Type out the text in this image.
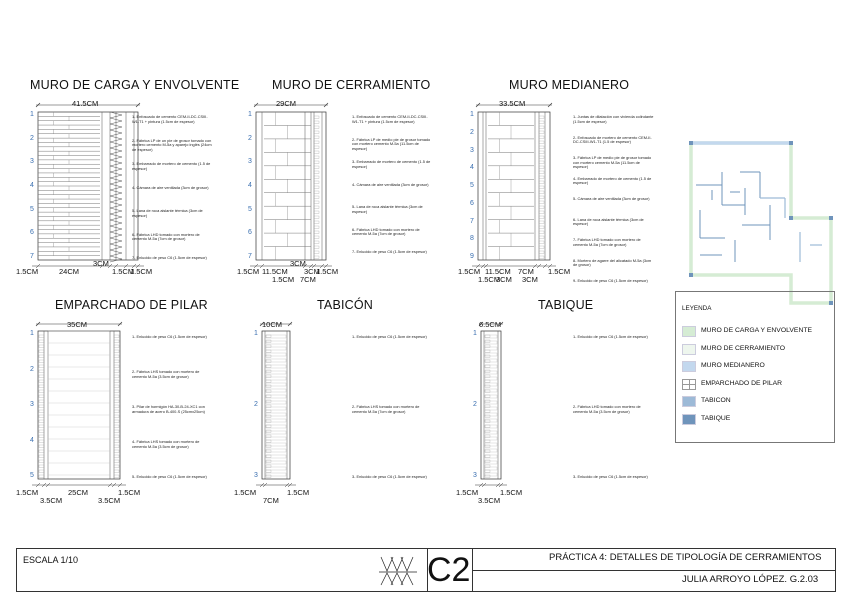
MURO DE CARGA Y ENVOLVENTE	MURO DE CERRAMIENTO	MURO MEDIANERO
EMPARCHADO DE PILAR	TABICÓN	TABIQUE
41.5CM	29CM	33.5CM
35CM	10CM	6.5CM
1.5CM	24CM
3CM
1.5CM
1.5CM	1.5CM 11.5CM
3CM
7CM
1.5CM
1.5CM
3CM	1.5CM 11.5CM
1.5CM
7CM 1.5CM
3CM
3CM
1.5CM	25CM	1.5CM
3.5CM	3.5CM
1.5CM	1.5CM
7CM
1.5CM	1.5CM
3.5CM
1
2
3
4
5
6
7
1
2
3
4
5
6
7
1
2
3
4
5
6
7
8
9
1
2
3
4
5
1
2
3
1
2
3
1- Enfoscado de cemento CEM-II-DC-CSIII-W1-T1 + pintura (1.5cm de espesor)
2- Fábrica LP de un pie de grosor tomado con mortero cemento M-5a y aparejo inglés (24cm de espesor)
3- Embarrado de mortero de cemento (1.5 de espesor)
4- Cámara de aire ventilada (3cm de grosor)
5- Lana de roca aislante térmica (3cm de espesor)
6- Fábrica LHD tomado con mortero de cemento M-5a (7cm de grosor)
7- Enlucido de yeso C6 (1.5cm de espesor)
1- Enfoscado de cemento CEM-II-DC-CSIII-W1-T1 + pintura (1.5cm de espesor)
2- Fábrica LP de medio pie de grosor tomado con mortero cemento M-5a (11.5cm de espesor)
3- Embarrado de mortero de cemento (1.5 de espesor)
4- Cámara de aire ventilada (3cm de grosor)
5- Lana de roca aislante térmica (3cm de espesor)
6- Fábrica LHD tomado con mortero de cemento M-5a (7cm de grosor)
7- Enlucido de yeso C6 (1.5cm de espesor)
1- Juntas de dilatación con vivienda colindante (1.5cm de espesor)
2- Enfoscado de mortero de cemento CEM-II-DC-CSIII-W1-T1 (1.5 de espesor)
3- Fábrica LP de medio pie de grosor tomado con mortero cemento M-5a (11.5cm de espesor)
4- Embarrado de mortero de cemento (1.5 de espesor)
5- Cámara de aire ventilada (3cm de grosor)
6- Lana de roca aislante térmica (3cm de espesor)
7- Fábrica LHD tomado con mortero de cemento M-5a (7cm de grosor)
8- Mortero de agarre del alicatado M-5a (3cm de grosor)
9- Enlucido de yeso C6 (1.5cm de espesor)
1- Enlucido de yeso C6 (1.5cm de espesor)
2- Fábrica LHS tomado con mortero de cemento M-5a (3.5cm de grosor)
3- Pilar de hormigón HA-30-B-24-XC1 con armadura de acero B-400-S (25cmx25cm)
4- Fábrica LHS tomado con mortero de cemento M-5a (3.5cm de grosor)
5- Enlucido de yeso C6 (1.5cm de espesor)
1- Enlucido de yeso C6 (1.5cm de espesor)
2- Fábrica LHS tomado con mortero de cemento M-5a (7cm de grosor)
3- Enlucido de yeso C6 (1.5cm de espesor)
1- Enlucido de yeso C6 (1.5cm de espesor)
2- Fábrica LHD tomado con mortero de cemento M-5a (3.5cm de grosor)
3- Enlucido de yeso C6 (1.5cm de espesor)
LEYENDA
MURO DE CARGA Y ENVOLVENTE
MURO DE CERRAMIENTO
MURO MEDIANERO
EMPARCHADO DE PILAR
TABICON
TABIQUE
ESCALA 1/10	C2	PRÁCTICA 4: DETALLES DE TIPOLOGÍA DE CERRAMIENTOS
JULIA ARROYO LÓPEZ. G.2.03
